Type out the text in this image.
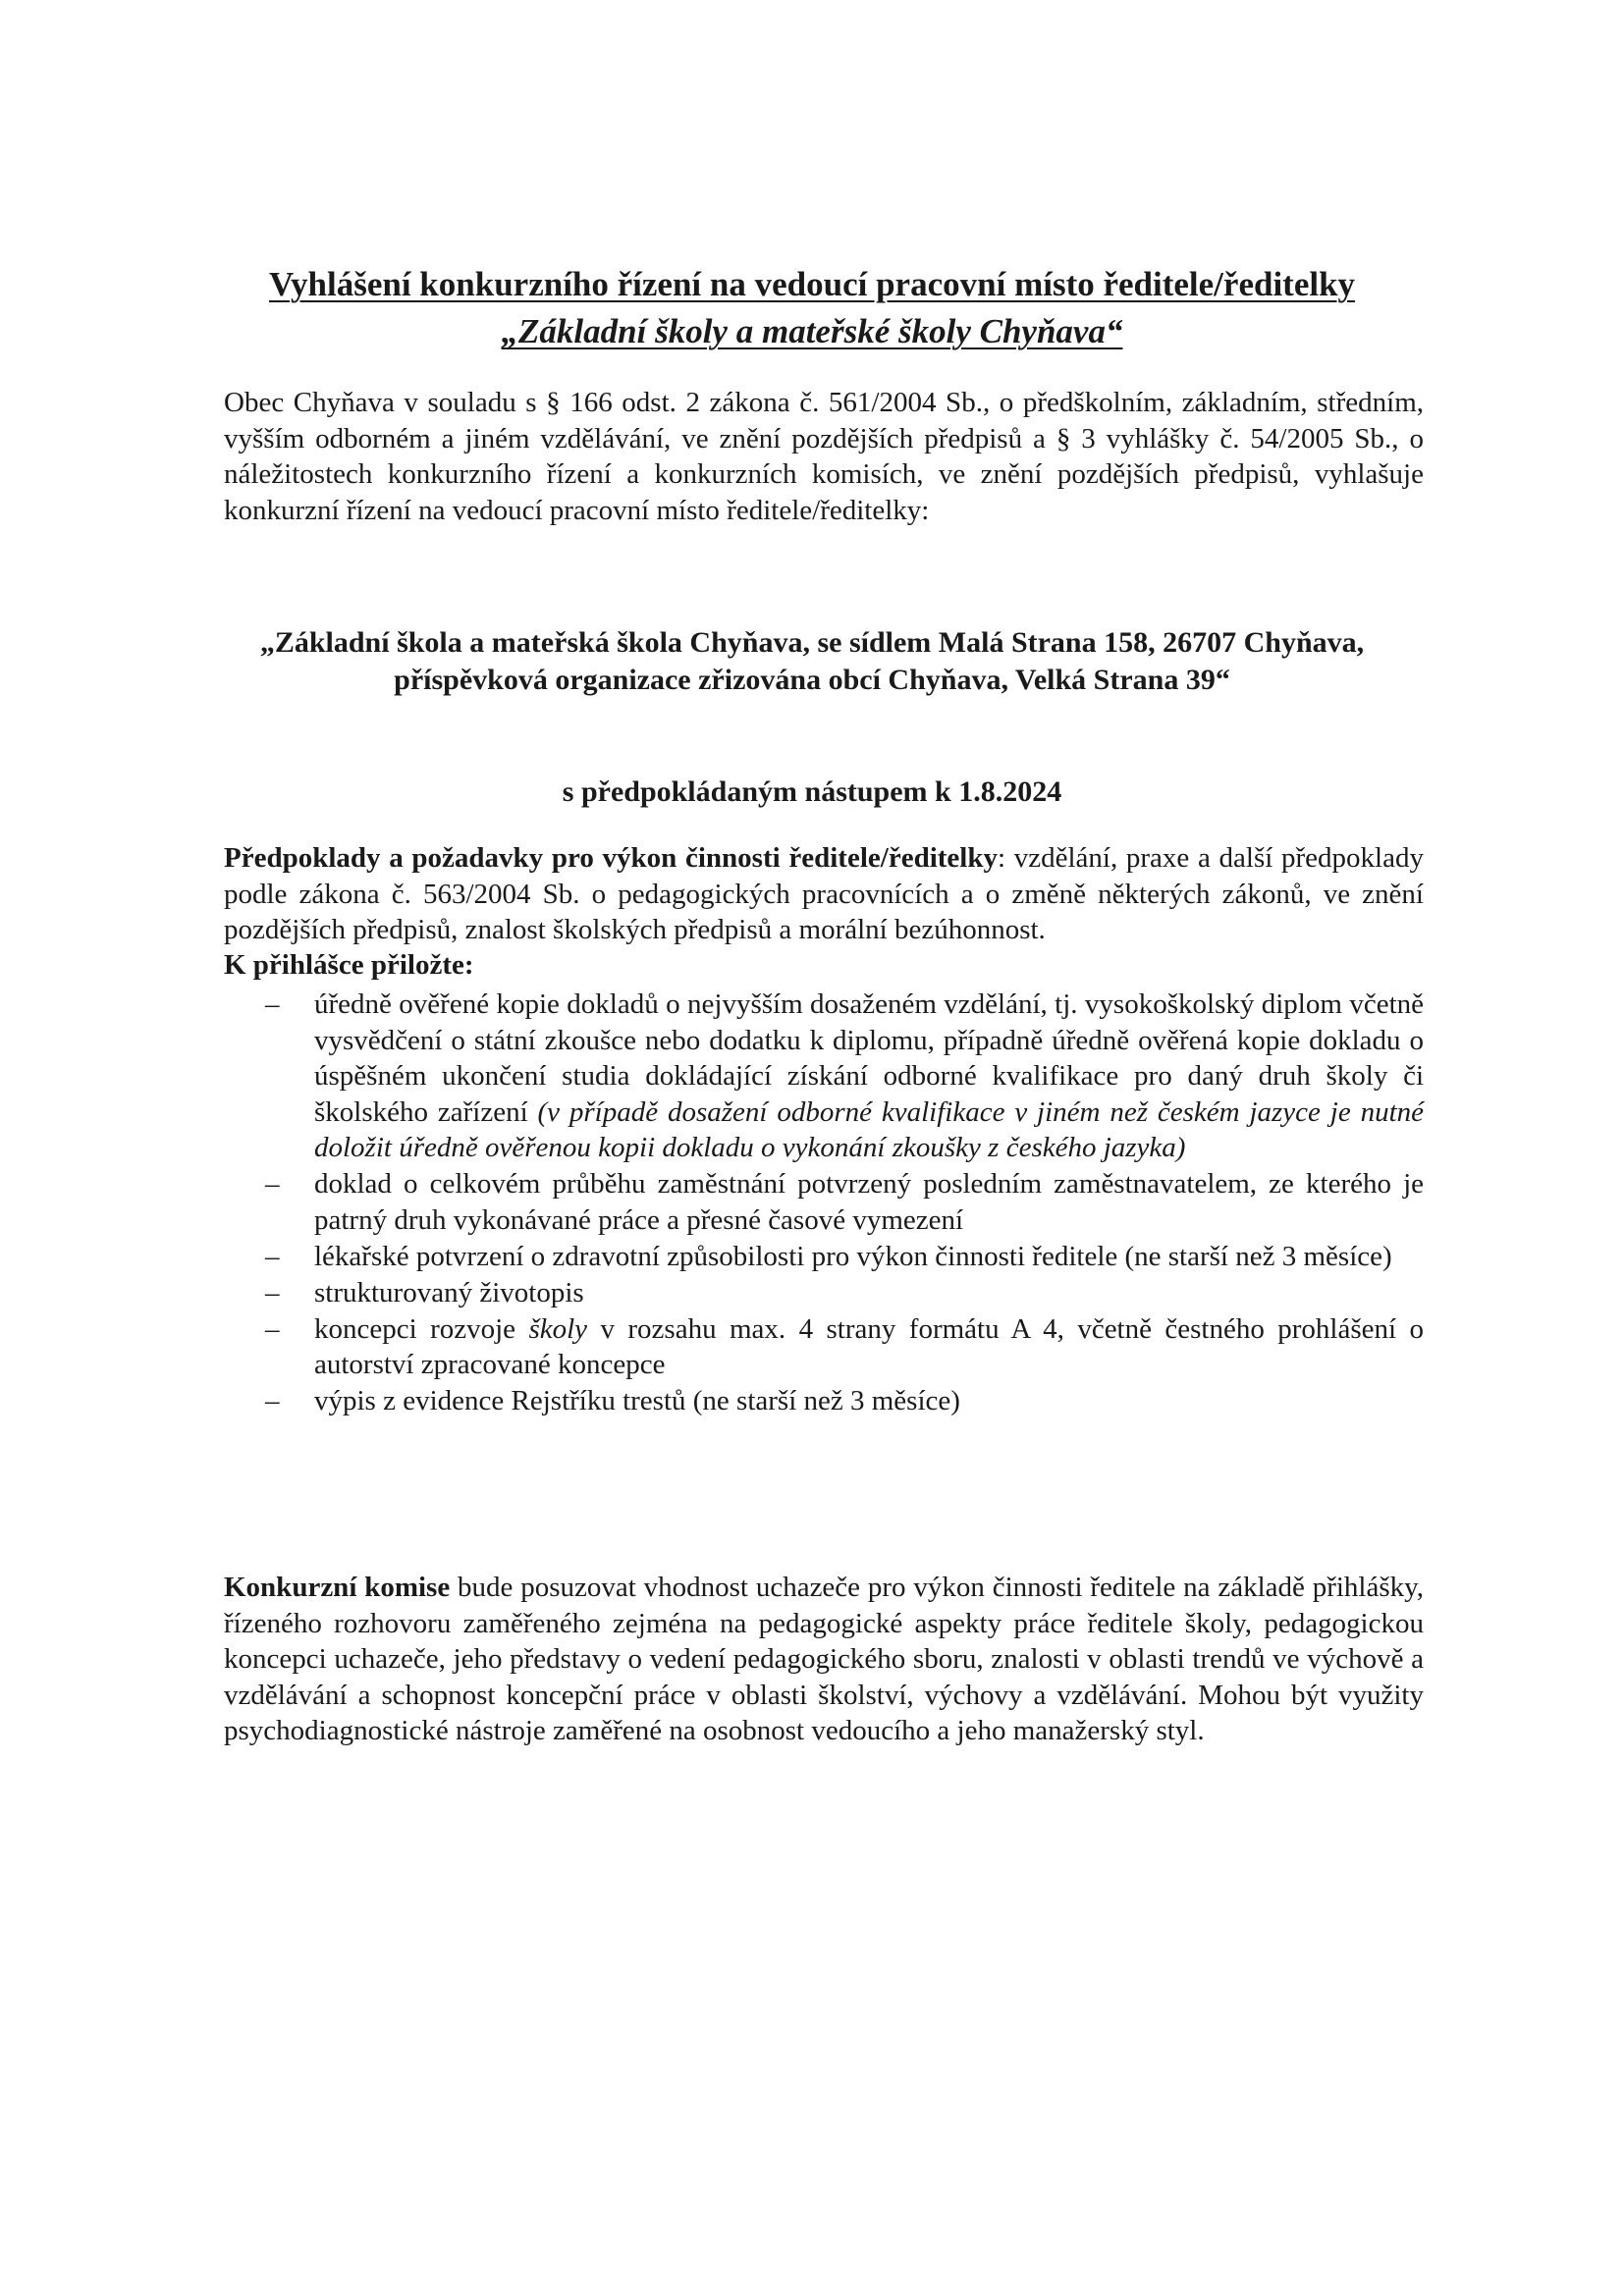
Vyhlášení konkurzního řízení na vedoucí pracovní místo ředitele/ředitelky
„Základní školy a mateřské školy Chyňava“
Obec Chyňava v souladu s § 166 odst. 2 zákona č. 561/2004 Sb., o předškolním, základním, středním, vyšším odborném a jiném vzdělávání, ve znění pozdějších předpisů a § 3 vyhlášky č. 54/2005 Sb., o náležitostech konkurzního řízení a konkurzních komisích, ve znění pozdějších předpisů, vyhlašuje konkurzní řízení na vedoucí pracovní místo ředitele/ředitelky:
„Základní škola a mateřská škola Chyňava, se sídlem Malá Strana 158, 26707 Chyňava,
příspěvková organizace zřizována obcí Chyňava, Velká Strana 39“
s předpokládaným nástupem k 1.8.2024
Předpoklady a požadavky pro výkon činnosti ředitele/ředitelky: vzdělání, praxe a další předpoklady podle zákona č. 563/2004 Sb. o pedagogických pracovnících a o změně některých zákonů, ve znění pozdějších předpisů, znalost školských předpisů a morální bezúhonnost.
K přihlášce přiložte:
– úředně ověřené kopie dokladů o nejvyšším dosaženém vzdělání, tj. vysokoškolský diplom včetně vysvědčení o státní zkoušce nebo dodatku k diplomu, případně úředně ověřená kopie dokladu o úspěšném ukončení studia dokládající získání odborné kvalifikace pro daný druh školy či školského zařízení (v případě dosažení odborné kvalifikace v jiném než českém jazyce je nutné doložit úředně ověřenou kopii dokladu o vykonání zkoušky z českého jazyka)
– doklad o celkovém průběhu zaměstnání potvrzený posledním zaměstnavatelem, ze kterého je patrný druh vykonávané práce a přesné časové vymezení
– lékařské potvrzení o zdravotní způsobilosti pro výkon činnosti ředitele (ne starší než 3 měsíce)
– strukturovaný životopis
– koncepci rozvoje školy v rozsahu max. 4 strany formátu A 4, včetně čestného prohlášení o autorství zpracované koncepce
– výpis z evidence Rejstříku trestů (ne starší než 3 měsíce)
Konkurzní komise bude posuzovat vhodnost uchazeče pro výkon činnosti ředitele na základě přihlášky, řízeného rozhovoru zaměřeného zejména na pedagogické aspekty práce ředitele školy, pedagogickou koncepci uchazeče, jeho představy o vedení pedagogického sboru, znalosti v oblasti trendů ve výchově a vzdělávání a schopnost koncepční práce v oblasti školství, výchovy a vzdělávání. Mohou být využity psychodiagnostické nástroje zaměřené na osobnost vedoucího a jeho manažerský styl.
